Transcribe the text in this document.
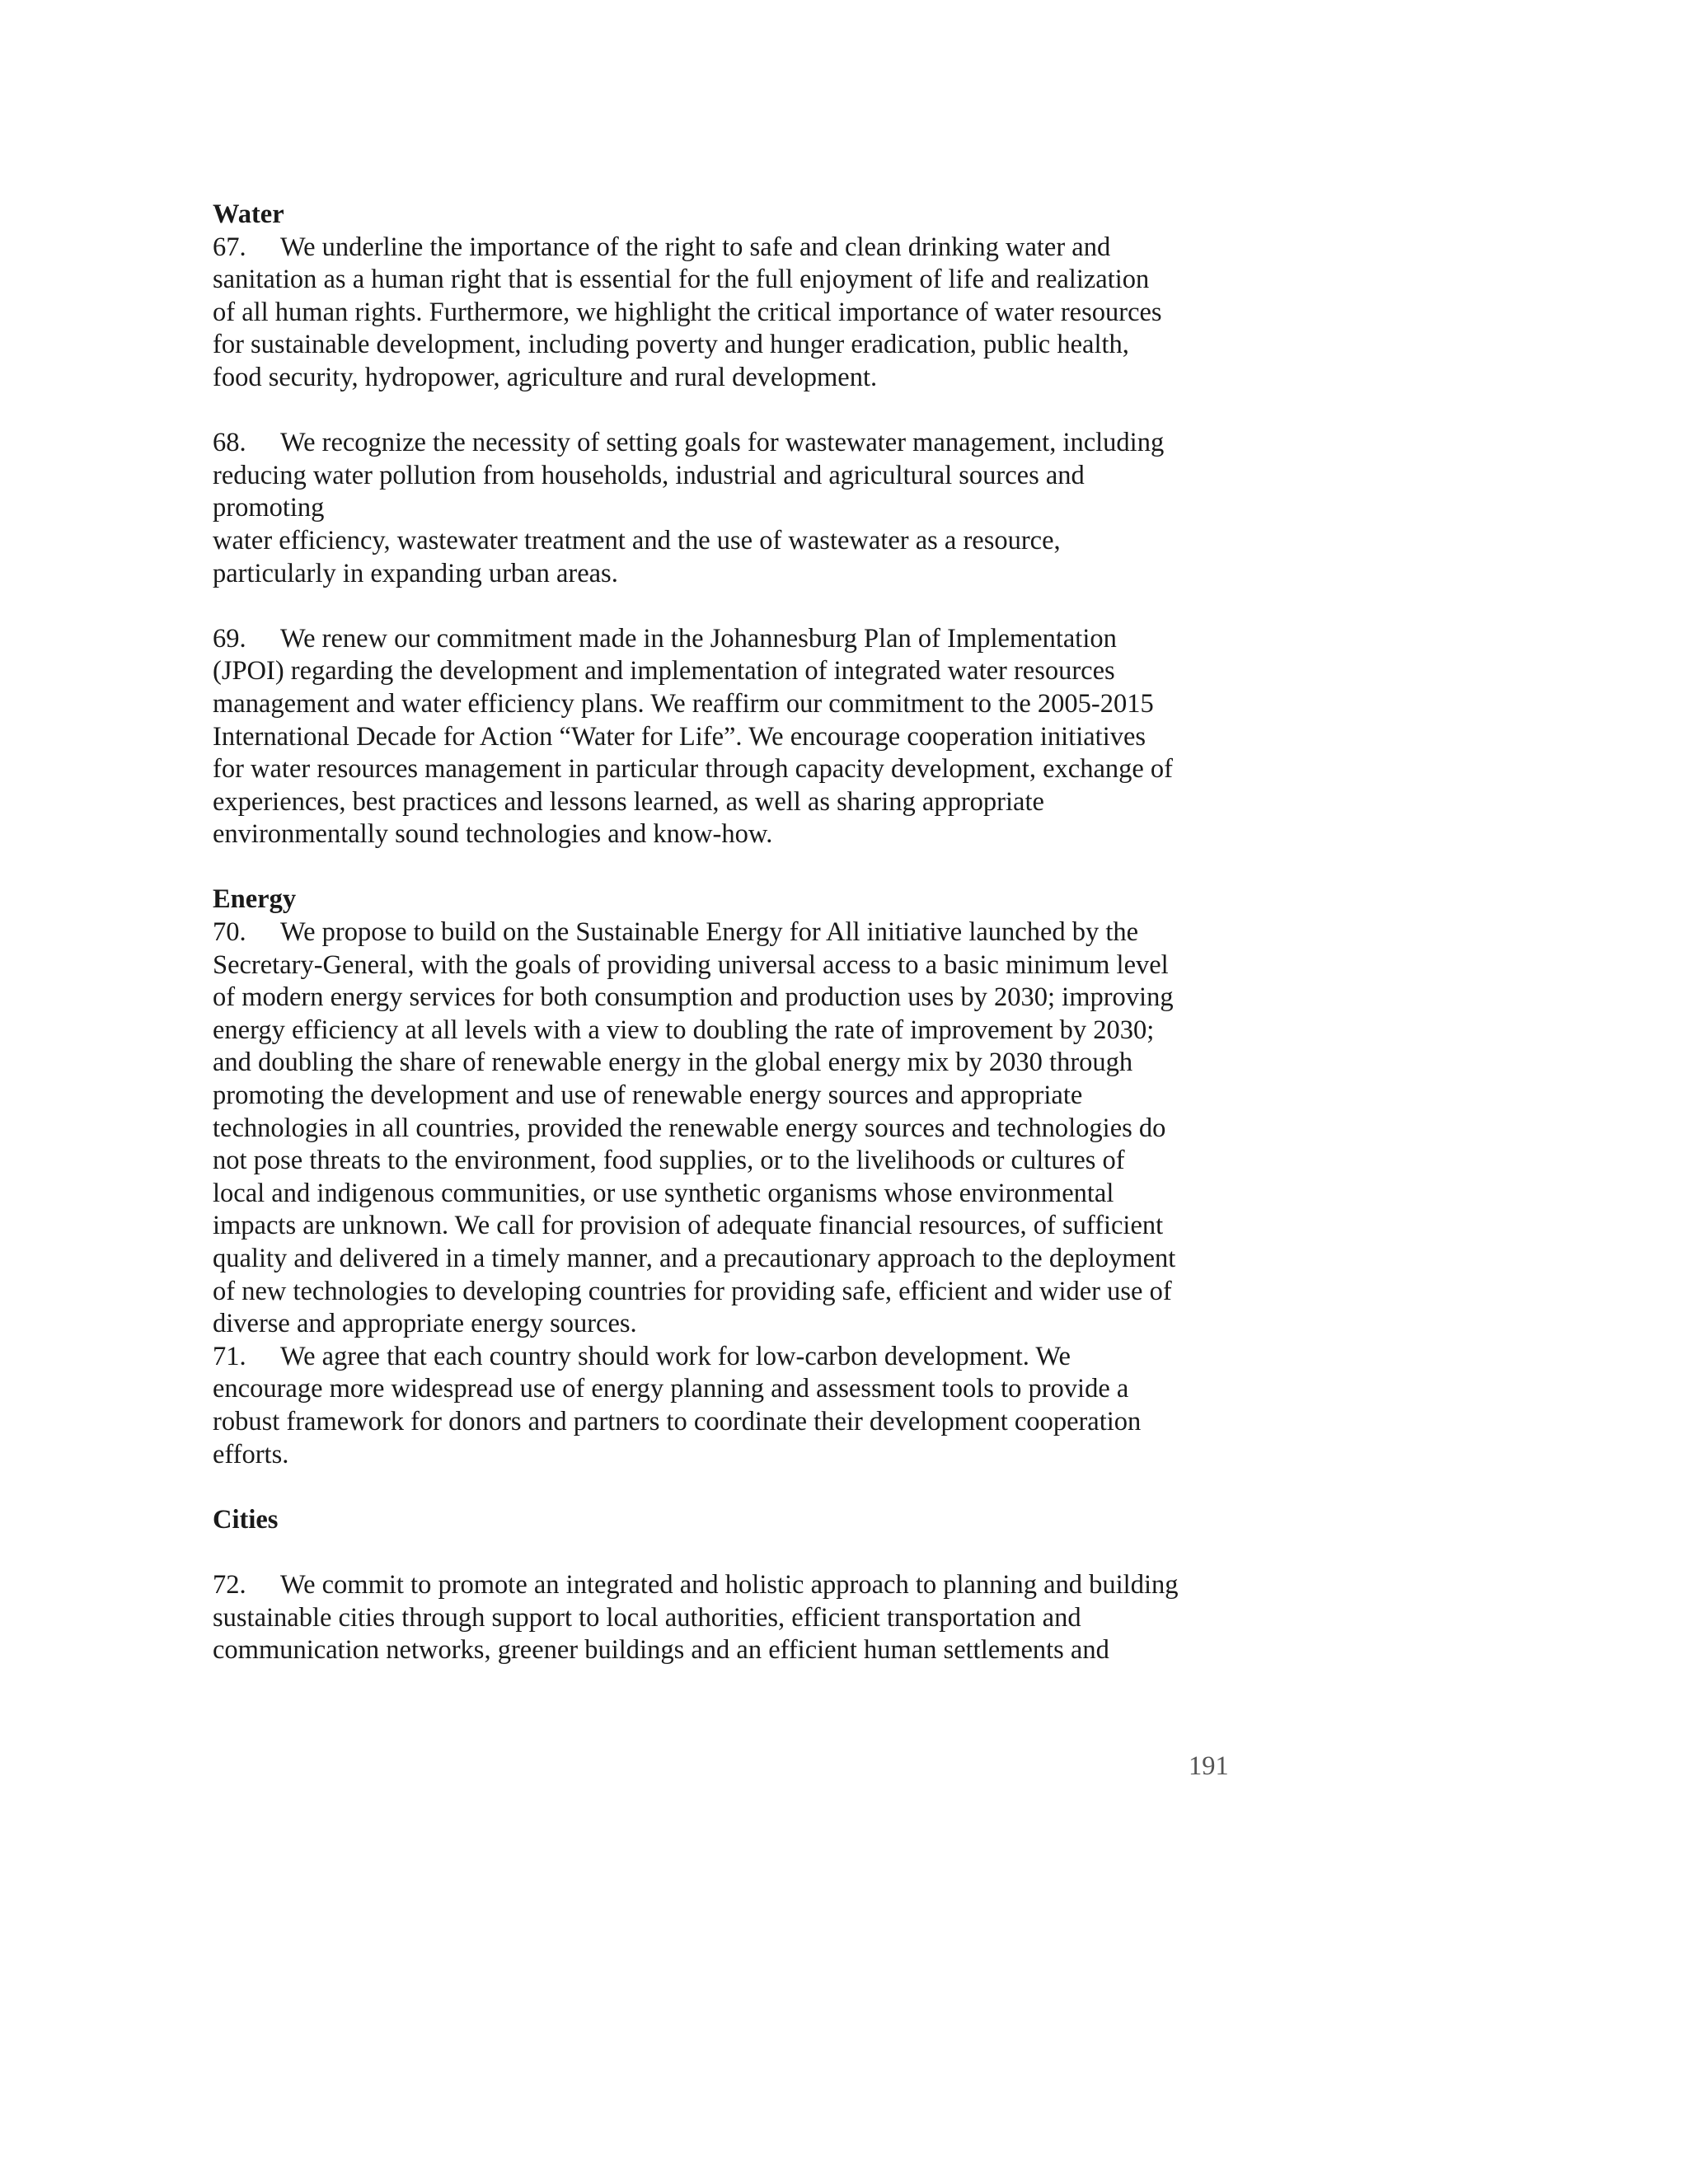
Water
67. We underline the importance of the right to safe and clean drinking water and
sanitation as a human right that is essential for the full enjoyment of life and realization
of all human rights. Furthermore, we highlight the critical importance of water resources
for sustainable development, including poverty and hunger eradication, public health,
food security, hydropower, agriculture and rural development.
68. We recognize the necessity of setting goals for wastewater management, including
reducing water pollution from households, industrial and agricultural sources and
promoting
water efficiency, wastewater treatment and the use of wastewater as a resource,
particularly in expanding urban areas.
69. We renew our commitment made in the Johannesburg Plan of Implementation
(JPOI) regarding the development and implementation of integrated water resources
management and water efficiency plans. We reaffirm our commitment to the 2005-2015
International Decade for Action “Water for Life”. We encourage cooperation initiatives
for water resources management in particular through capacity development, exchange of
experiences, best practices and lessons learned, as well as sharing appropriate
environmentally sound technologies and know-how.
Energy
70. We propose to build on the Sustainable Energy for All initiative launched by the
Secretary-General, with the goals of providing universal access to a basic minimum level
of modern energy services for both consumption and production uses by 2030; improving
energy efficiency at all levels with a view to doubling the rate of improvement by 2030;
and doubling the share of renewable energy in the global energy mix by 2030 through
promoting the development and use of renewable energy sources and appropriate
technologies in all countries, provided the renewable energy sources and technologies do
not pose threats to the environment, food supplies, or to the livelihoods or cultures of
local and indigenous communities, or use synthetic organisms whose environmental
impacts are unknown. We call for provision of adequate financial resources, of sufficient
quality and delivered in a timely manner, and a precautionary approach to the deployment
of new technologies to developing countries for providing safe, efficient and wider use of
diverse and appropriate energy sources.
71. We agree that each country should work for low-carbon development. We
encourage more widespread use of energy planning and assessment tools to provide a
robust framework for donors and partners to coordinate their development cooperation
efforts.
Cities
72. We commit to promote an integrated and holistic approach to planning and building
sustainable cities through support to local authorities, efficient transportation and
communication networks, greener buildings and an efficient human settlements and
191
